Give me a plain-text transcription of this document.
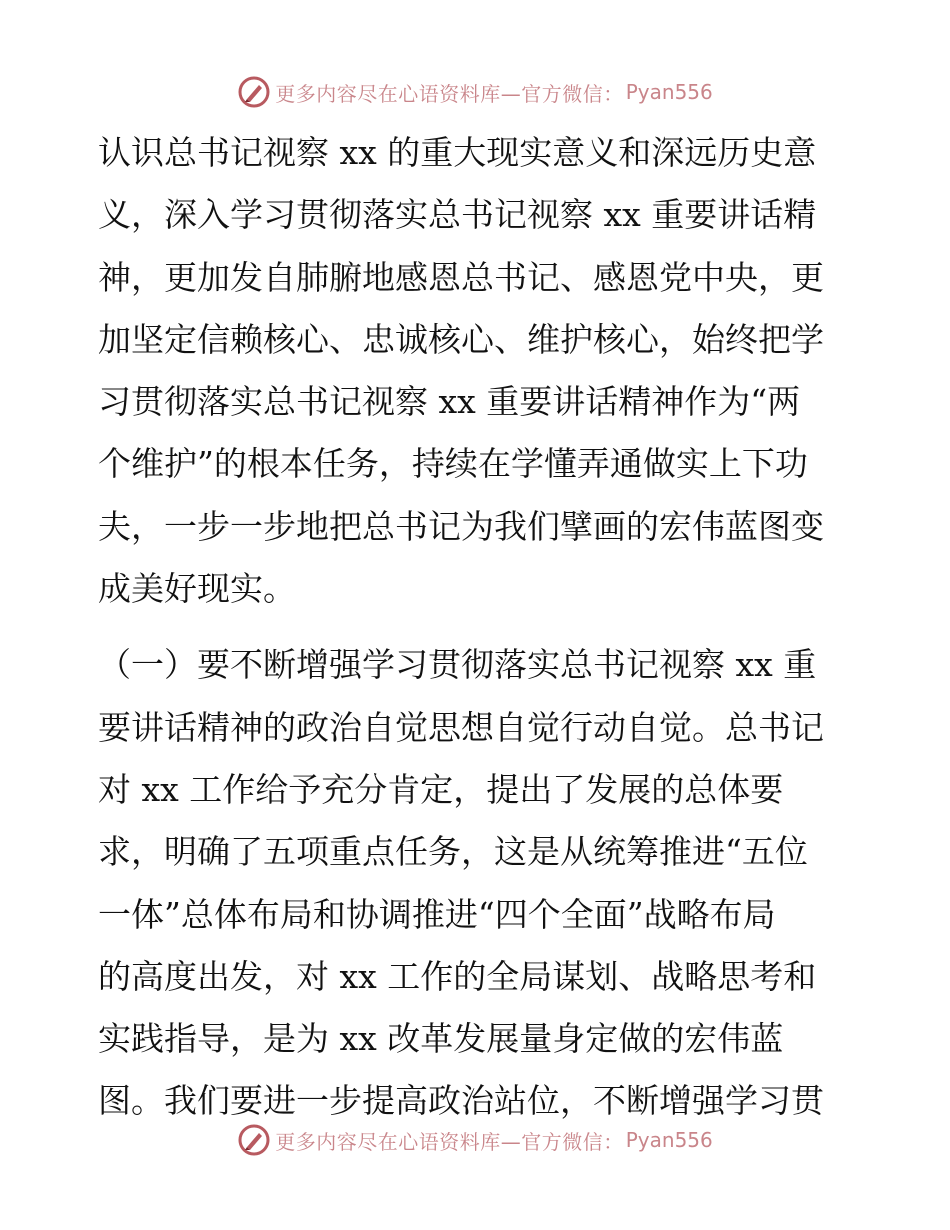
更多内容尽在心语资料库—官方微信： Pyan556

认识总书记视察 xx 的重大现实意义和深远历史意
义，深入学习贯彻落实总书记视察 xx 重要讲话精
神，更加发自肺腑地感恩总书记、感恩党中央，更
加坚定信赖核心、忠诚核心、维护核心，始终把学
习贯彻落实总书记视察 xx 重要讲话精神作为“两
个维护”的根本任务，持续在学懂弄通做实上下功
夫，一步一步地把总书记为我们擘画的宏伟蓝图变
成美好现实。

（一）要不断增强学习贯彻落实总书记视察 xx 重
要讲话精神的政治自觉思想自觉行动自觉。总书记
对 xx 工作给予充分肯定，提出了发展的总体要
求，明确了五项重点任务，这是从统筹推进“五位
一体”总体布局和协调推进“四个全面”战略布局
的高度出发，对 xx 工作的全局谋划、战略思考和
实践指导，是为 xx 改革发展量身定做的宏伟蓝
图。我们要进一步提高政治站位，不断增强学习贯

更多内容尽在心语资料库—官方微信： Pyan556
